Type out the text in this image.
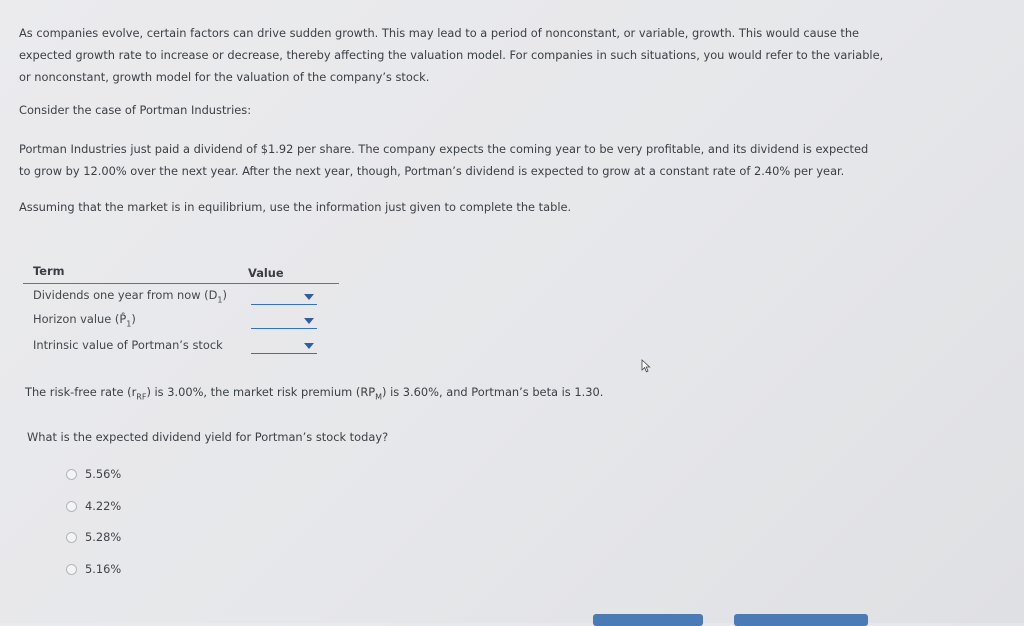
As companies evolve, certain factors can drive sudden growth. This may lead to a period of nonconstant, or variable, growth. This would cause the
expected growth rate to increase or decrease, thereby affecting the valuation model. For companies in such situations, you would refer to the variable,
or nonconstant, growth model for the valuation of the company’s stock.
Consider the case of Portman Industries:
Portman Industries just paid a dividend of $1.92 per share. The company expects the coming year to be very profitable, and its dividend is expected
to grow by 12.00% over the next year. After the next year, though, Portman’s dividend is expected to grow at a constant rate of 2.40% per year.
Assuming that the market is in equilibrium, use the information just given to complete the table.
Term	Value
Dividends one year from now $(D_1)$
Horizon value $(P̂_1)$
Intrinsic value of Portman’s stock
The risk-free rate $(r_{RF})$ is 3.00%, the market risk premium $(RP_M)$ is 3.60%, and Portman’s beta is 1.30.
What is the expected dividend yield for Portman’s stock today?
5.56%
4.22%
5.28%
5.16%
